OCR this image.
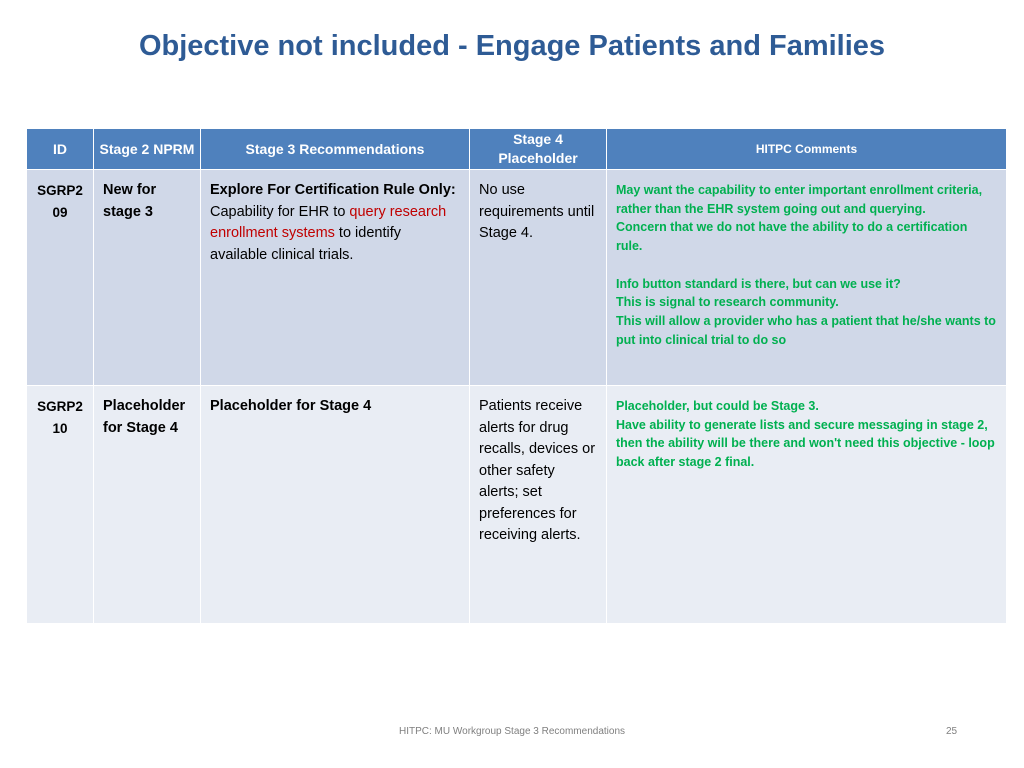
Objective not included - Engage Patients and Families
ID	Stage 2 NPRM	Stage 3 Recommendations	Stage 4 Placeholder	HITPC Comments
SGRP2 09	New for stage 3	Explore For Certification Rule Only: Capability for EHR to query research enrollment systems to identify available clinical trials.	No use requirements until Stage 4.	May want the capability to enter important enrollment criteria, rather than the EHR system going out and querying.
Concern that we do not have the ability to do a certification rule.
Info button standard is there, but can we use it?
This is signal to research community.
This will allow a provider who has a patient that he/she wants to put into clinical trial to do so

SGRP2 10	Placeholder for Stage 4	Placeholder for Stage 4	Patients receive alerts for drug recalls, devices or other safety alerts; set preferences for receiving alerts.	Placeholder, but could be Stage 3.
Have ability to generate lists and secure messaging in stage 2, then the ability will be there and won't need this objective - loop back after stage 2 final.
HITPC: MU Workgroup Stage 3 Recommendations	25
